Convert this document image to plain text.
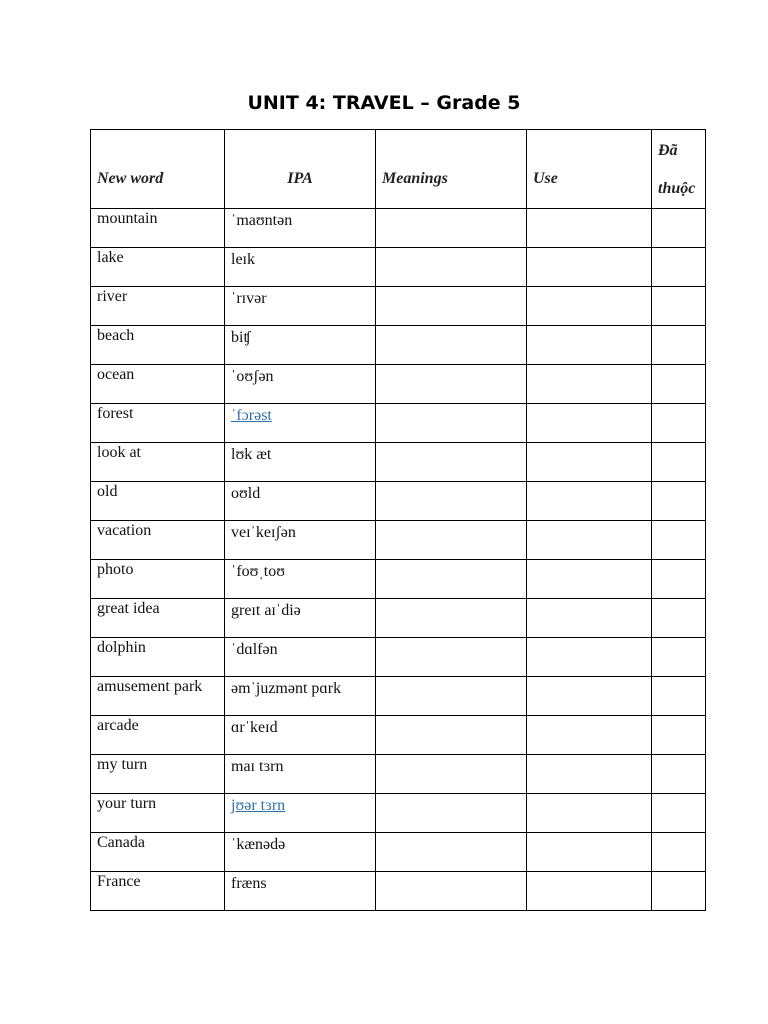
UNIT 4: TRAVEL – Grade 5
New word	IPA	Meanings	Use	Đã
thuộc

mountain	ˈmaʊntən			

lake	leɪk			

river	ˈrɪvər			

beach	biʧ			

ocean	ˈoʊʃən			

forest	ˈfɔrəst			

look at	lʊk æt			

old	oʊld			

vacation	veɪˈkeɪʃən			

photo	ˈfoʊˌtoʊ			

great idea	greɪt aɪˈdiə			

dolphin	ˈdɑlfən			

amusement park	əmˈjuzmənt pɑrk			

arcade	ɑrˈkeɪd			

my turn	maɪ tɜrn			

your turn	jʊər tɜrn			

Canada	ˈkænədə			

France	fræns			
